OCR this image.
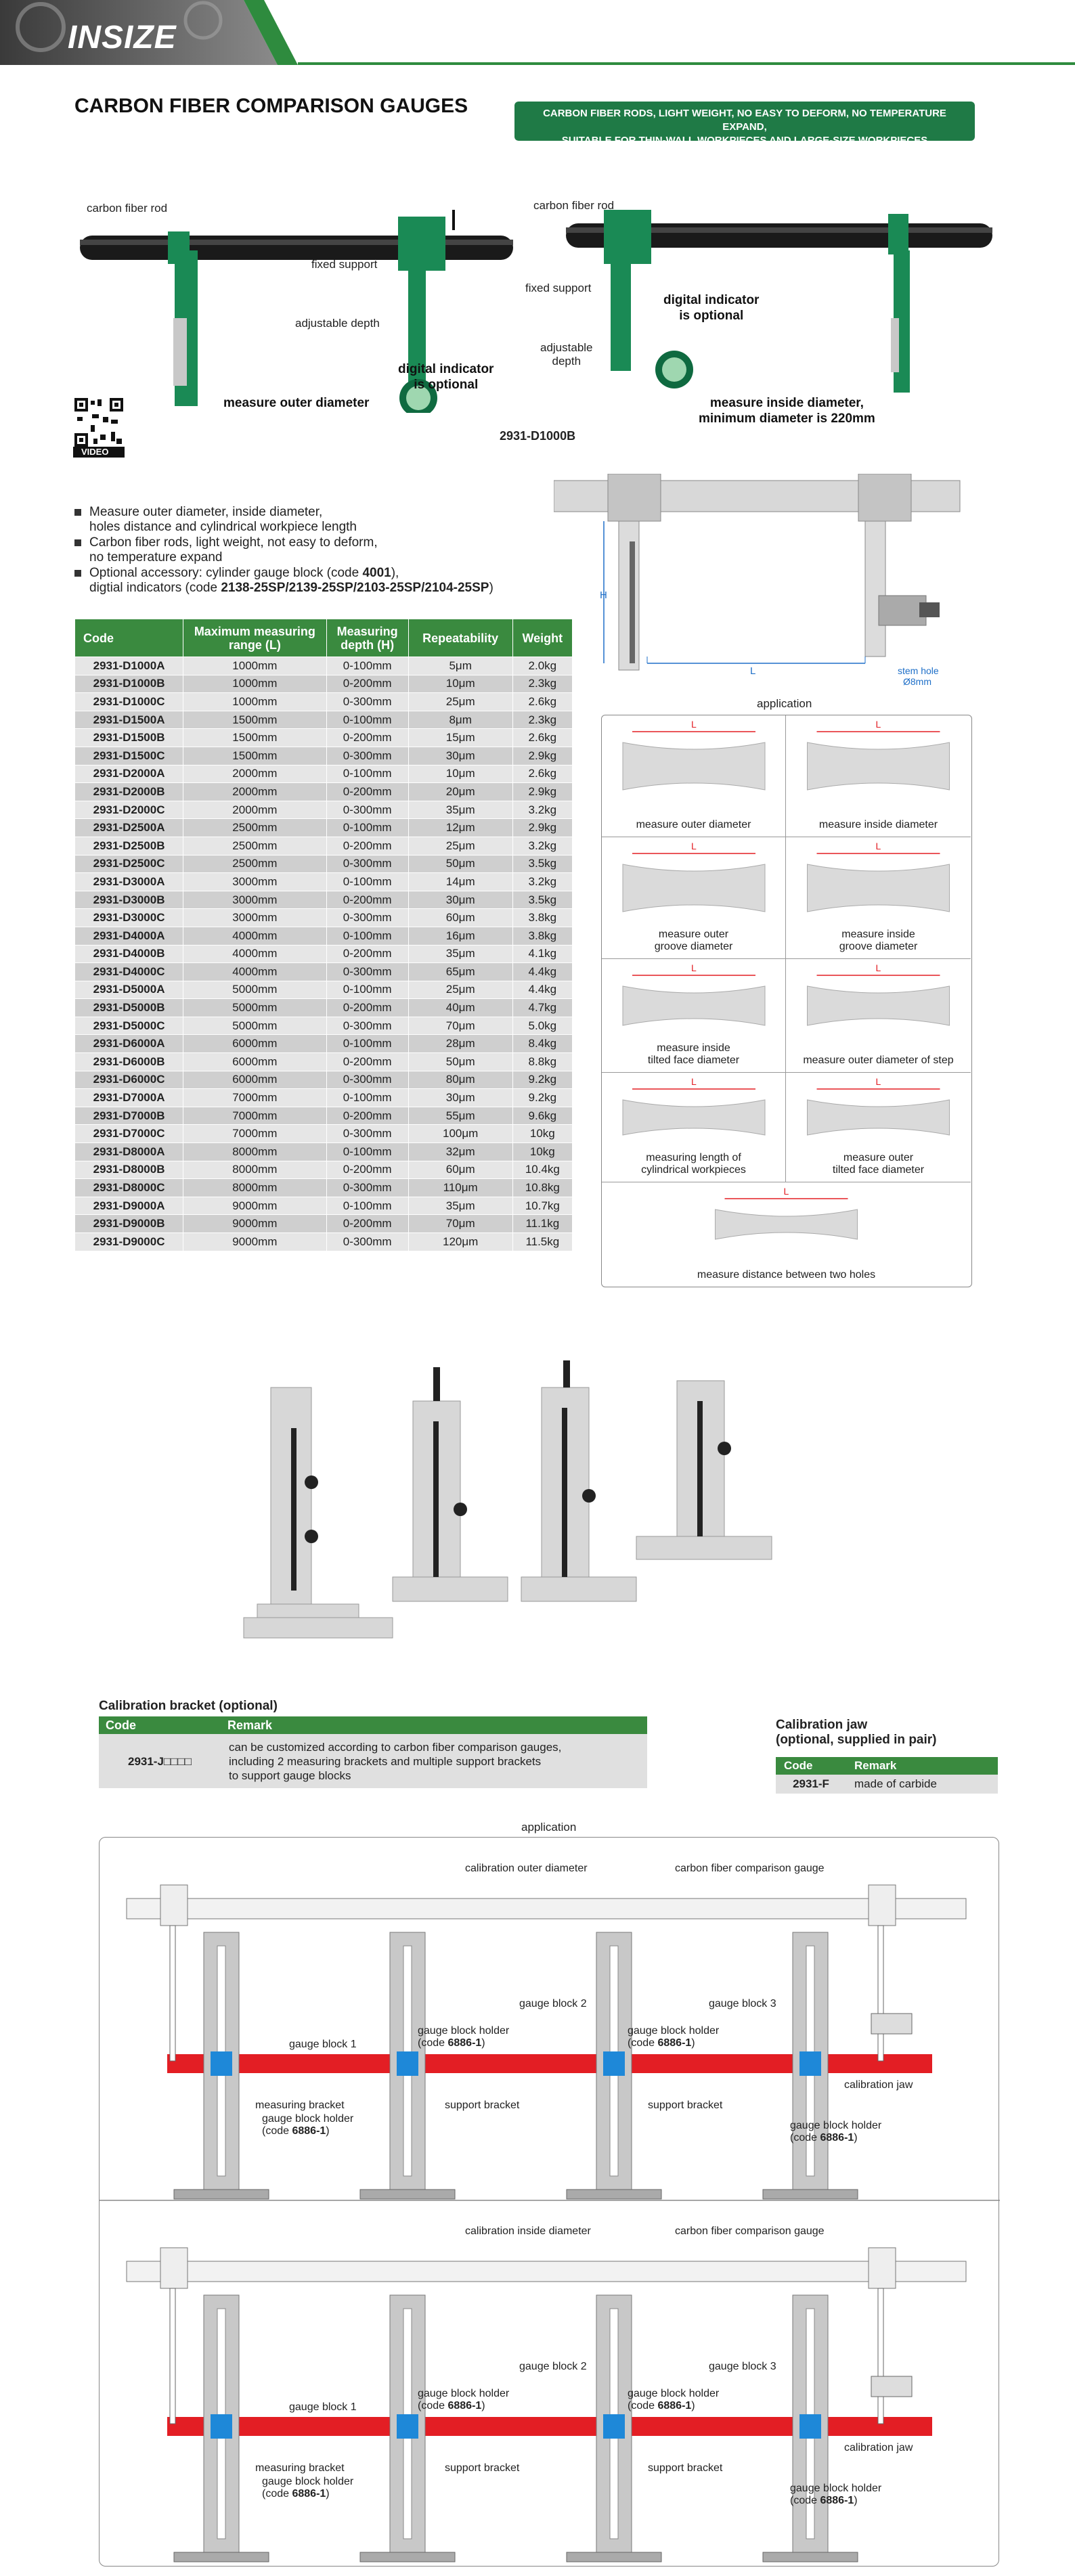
INSIZE
CARBON FIBER COMPARISON GAUGES	CARBON FIBER RODS, LIGHT WEIGHT, NO EASY TO DEFORM, NO TEMPERATURE EXPAND,
SUITABLE FOR THIN-WALL WORKPIECES AND LARGE-SIZE WORKPIECES
carbon fiber rod
fixed support
adjustable depth
digital indicator
is optional
measure outer diameter
VIDEO
carbon fiber rod
fixed support
digital indicator
is optional
adjustable
depth
measure inside diameter,
minimum diameter is 220mm
2931-D1000B
Measure outer diameter, inside diameter,
holes distance and cylindrical workpiece length
Carbon fiber rods, light weight, not easy to deform,
no temperature expand
Optional accessory: cylinder gauge block (code 4001),
digtial indicators (code 2138-25SP/2139-25SP/2103-25SP/2104-25SP)
H
L	stem hole
Ø8mm
Code	Maximum measuring range (L)	Measuring depth (H)	Repeatability	Weight
2931-D1000A	1000mm	0-100mm	5μm	2.0kg
2931-D1000B	1000mm	0-200mm	10μm	2.3kg
2931-D1000C	1000mm	0-300mm	25μm	2.6kg
2931-D1500A	1500mm	0-100mm	8μm	2.3kg
2931-D1500B	1500mm	0-200mm	15μm	2.6kg
2931-D1500C	1500mm	0-300mm	30μm	2.9kg
2931-D2000A	2000mm	0-100mm	10μm	2.6kg
2931-D2000B	2000mm	0-200mm	20μm	2.9kg
2931-D2000C	2000mm	0-300mm	35μm	3.2kg
2931-D2500A	2500mm	0-100mm	12μm	2.9kg
2931-D2500B	2500mm	0-200mm	25μm	3.2kg
2931-D2500C	2500mm	0-300mm	50μm	3.5kg
2931-D3000A	3000mm	0-100mm	14μm	3.2kg
2931-D3000B	3000mm	0-200mm	30μm	3.5kg
2931-D3000C	3000mm	0-300mm	60μm	3.8kg
2931-D4000A	4000mm	0-100mm	16μm	3.8kg
2931-D4000B	4000mm	0-200mm	35μm	4.1kg
2931-D4000C	4000mm	0-300mm	65μm	4.4kg
2931-D5000A	5000mm	0-100mm	25μm	4.4kg
2931-D5000B	5000mm	0-200mm	40μm	4.7kg
2931-D5000C	5000mm	0-300mm	70μm	5.0kg
2931-D6000A	6000mm	0-100mm	28μm	8.4kg
2931-D6000B	6000mm	0-200mm	50μm	8.8kg
2931-D6000C	6000mm	0-300mm	80μm	9.2kg
2931-D7000A	7000mm	0-100mm	30μm	9.2kg
2931-D7000B	7000mm	0-200mm	55μm	9.6kg
2931-D7000C	7000mm	0-300mm	100μm	10kg
2931-D8000A	8000mm	0-100mm	32μm	10kg
2931-D8000B	8000mm	0-200mm	60μm	10.4kg
2931-D8000C	8000mm	0-300mm	110μm	10.8kg
2931-D9000A	9000mm	0-100mm	35μm	10.7kg
2931-D9000B	9000mm	0-200mm	70μm	11.1kg
2931-D9000C	9000mm	0-300mm	120μm	11.5kg
application
L
measure outer diameter
L
measure inside diameter
L
measure outer
groove diameter
L
measure inside
groove diameter
L
measure inside
tilted face diameter
L
measure outer diameter of step
L
measuring length of
cylindrical workpieces
L
measure outer
tilted face diameter
L
measure distance between two holes
Calibration bracket (optional)
Code	Remark
2931-J□□□□	can be customized according to carbon fiber comparison gauges,
including 2 measuring brackets and multiple support brackets
to support gauge blocks
Calibration jaw
(optional, supplied in pair)
Code	Remark
2931-F	made of carbide
application
calibration outer diameter	carbon fiber comparison gauge
gauge block 1
gauge block 2	gauge block 3
gauge block holder
(code 6886-1)
gauge block holder
(code 6886-1)
measuring bracket	support bracket	support bracket
gauge block holder
(code 6886-1)	gauge block holder
(code 6886-1)
calibration jaw
calibration inside diameter	carbon fiber comparison gauge
gauge block 1
gauge block 2	gauge block 3
gauge block holder
(code 6886-1)
gauge block holder
(code 6886-1)
measuring bracket	support bracket	support bracket
gauge block holder
(code 6886-1)	gauge block holder
(code 6886-1)
calibration jaw
